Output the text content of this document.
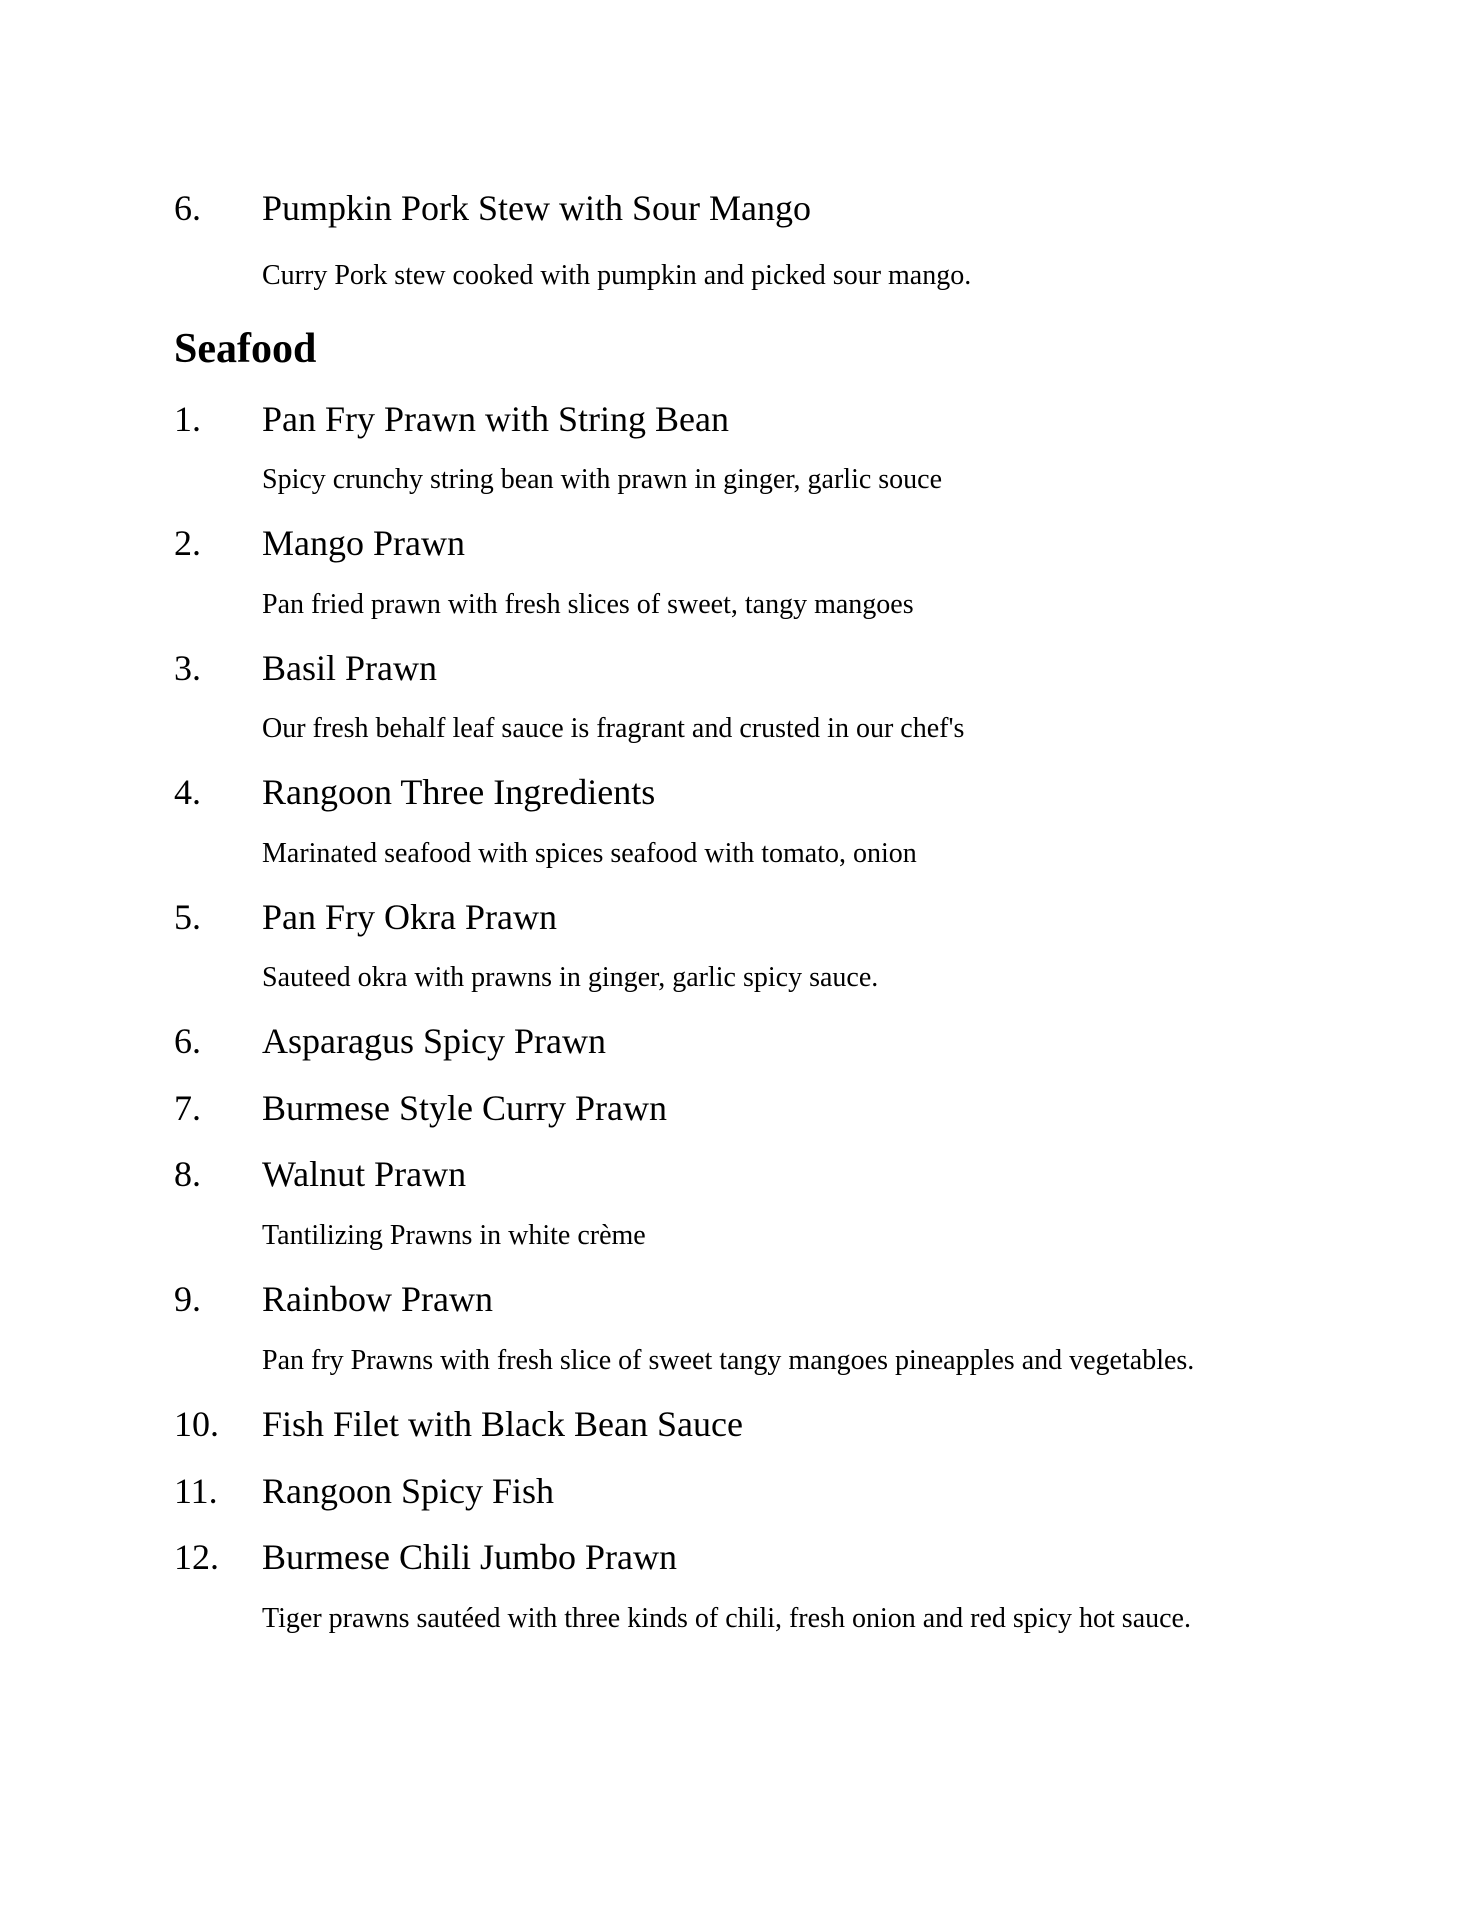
6. Pumpkin Pork Stew with Sour Mango
Curry Pork stew cooked with pumpkin and picked sour mango.
Seafood
1. Pan Fry Prawn with String Bean
Spicy crunchy string bean with prawn in ginger, garlic souce
2. Mango Prawn
Pan fried prawn with fresh slices of sweet, tangy mangoes
3. Basil Prawn
Our fresh behalf leaf sauce is fragrant and crusted in our chef's
4. Rangoon Three Ingredients
Marinated seafood with spices seafood with tomato, onion
5. Pan Fry Okra Prawn
Sauteed okra with prawns in ginger, garlic spicy sauce.
6. Asparagus Spicy Prawn
7. Burmese Style Curry Prawn
8. Walnut Prawn
Tantilizing Prawns in white crème
9. Rainbow Prawn
Pan fry Prawns with fresh slice of sweet tangy mangoes pineapples and vegetables.
10. Fish Filet with Black Bean Sauce
11. Rangoon Spicy Fish
12. Burmese Chili Jumbo Prawn
Tiger prawns sautéed with three kinds of chili, fresh onion and red spicy hot sauce.
